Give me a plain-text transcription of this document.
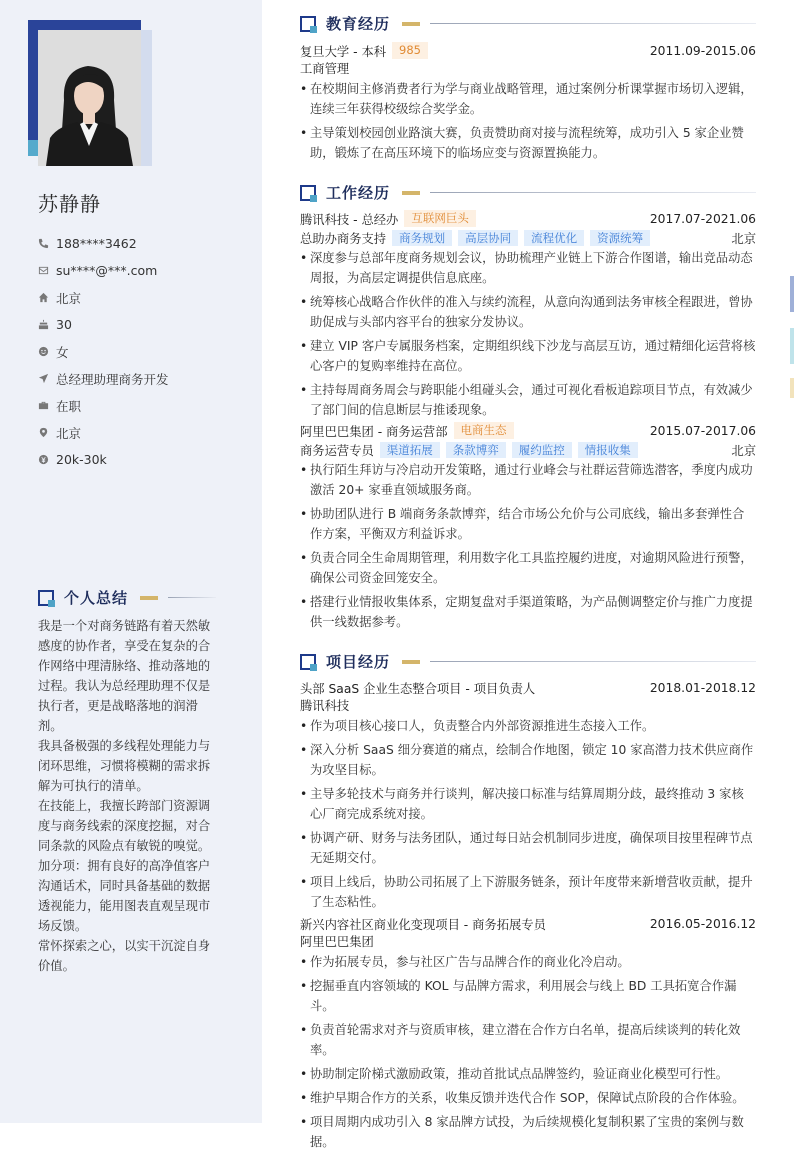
苏静静
188****3462
su****@***.com
北京
30
女
总经理助理商务开发
在职
北京
20k-30k
个人总结

我是一个对商务链路有着天然敏感度的协作者，享受在复杂的合作网络中理清脉络、推动落地的过程。我认为总经理助理不仅是执行者，更是战略落地的润滑剂。

我具备极强的多线程处理能力与闭环思维，习惯将模糊的需求拆解为可执行的清单。

在技能上，我擅长跨部门资源调度与商务线索的深度挖掘，对合同条款的风险点有敏锐的嗅觉。

加分项：拥有良好的高净值客户沟通话术，同时具备基础的数据透视能力，能用图表直观呈现市场反馈。

常怀探索之心，以实干沉淀自身价值。

教育经历
复旦大学 - 本科	985	2011.09-2015.06
工商管理
• 在校期间主修消费者行为学与商业战略管理，通过案例分析课掌握市场切入逻辑，连续三年获得校级综合奖学金。
• 主导策划校园创业路演大赛，负责赞助商对接与流程统筹，成功引入 5 家企业赞助，锻炼了在高压环境下的临场应变与资源置换能力。
工作经历
腾讯科技 - 总经办	互联网巨头	2017.07-2021.06
总助办商务支持	商务规划	高层协同	流程优化	资源统筹	北京
• 深度参与总部年度商务规划会议，协助梳理产业链上下游合作图谱，输出竞品动态周报，为高层定调提供信息底座。
• 统筹核心战略合作伙伴的准入与续约流程，从意向沟通到法务审核全程跟进，曾协助促成与头部内容平台的独家分发协议。
• 建立 VIP 客户专属服务档案，定期组织线下沙龙与高层互访，通过精细化运营将核心客户的复购率维持在高位。
• 主持每周商务周会与跨职能小组碰头会，通过可视化看板追踪项目节点，有效减少了部门间的信息断层与推诿现象。
阿里巴巴集团 - 商务运营部	电商生态	2015.07-2017.06
商务运营专员	渠道拓展	条款博弈	履约监控	情报收集	北京
• 执行陌生拜访与冷启动开发策略，通过行业峰会与社群运营筛选潜客，季度内成功激活 20+ 家垂直领域服务商。
• 协助团队进行 B 端商务条款博弈，结合市场公允价与公司底线，输出多套弹性合作方案，平衡双方利益诉求。
• 负责合同全生命周期管理，利用数字化工具监控履约进度，对逾期风险进行预警，确保公司资金回笼安全。
• 搭建行业情报收集体系，定期复盘对手渠道策略，为产品侧调整定价与推广力度提供一线数据参考。
项目经历
头部 SaaS 企业生态整合项目 - 项目负责人	2018.01-2018.12
腾讯科技
• 作为项目核心接口人，负责整合内外部资源推进生态接入工作。
• 深入分析 SaaS 细分赛道的痛点，绘制合作地图，锁定 10 家高潜力技术供应商作为攻坚目标。
• 主导多轮技术与商务并行谈判，解决接口标准与结算周期分歧，最终推动 3 家核心厂商完成系统对接。
• 协调产研、财务与法务团队，通过每日站会机制同步进度，确保项目按里程碑节点无延期交付。
• 项目上线后，协助公司拓展了上下游服务链条，预计年度带来新增营收贡献，提升了生态粘性。
新兴内容社区商业化变现项目 - 商务拓展专员	2016.05-2016.12
阿里巴巴集团
• 作为拓展专员，参与社区广告与品牌合作的商业化冷启动。
• 挖掘垂直内容领域的 KOL 与品牌方需求，利用展会与线上 BD 工具拓宽合作漏斗。
• 负责首轮需求对齐与资质审核，建立潜在合作方白名单，提高后续谈判的转化效率。
• 协助制定阶梯式激励政策，推动首批试点品牌签约，验证商业化模型可行性。
• 维护早期合作方的关系，收集反馈并迭代合作 SOP，保障试点阶段的合作体验。
• 项目周期内成功引入 8 家品牌方试投，为后续规模化复制积累了宝贵的案例与数据。
